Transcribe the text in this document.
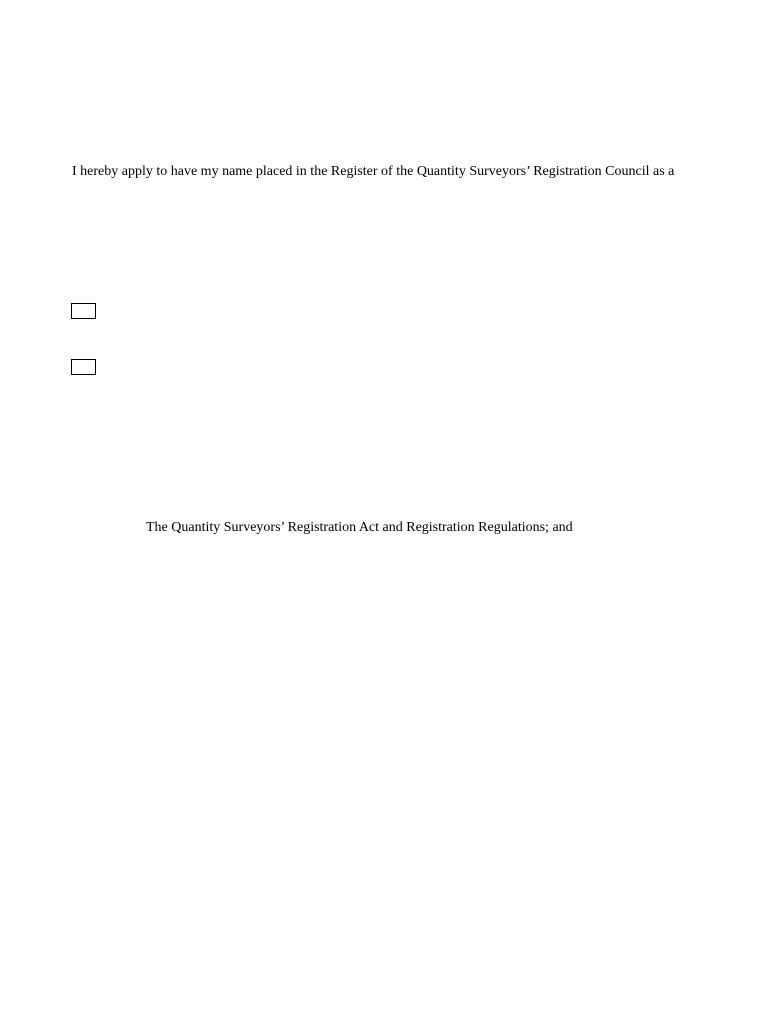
I hereby apply to have my name placed in the Register of the Quantity Surveyors’ Registration Council as a
The Quantity Surveyors’ Registration Act and Registration Regulations; and
